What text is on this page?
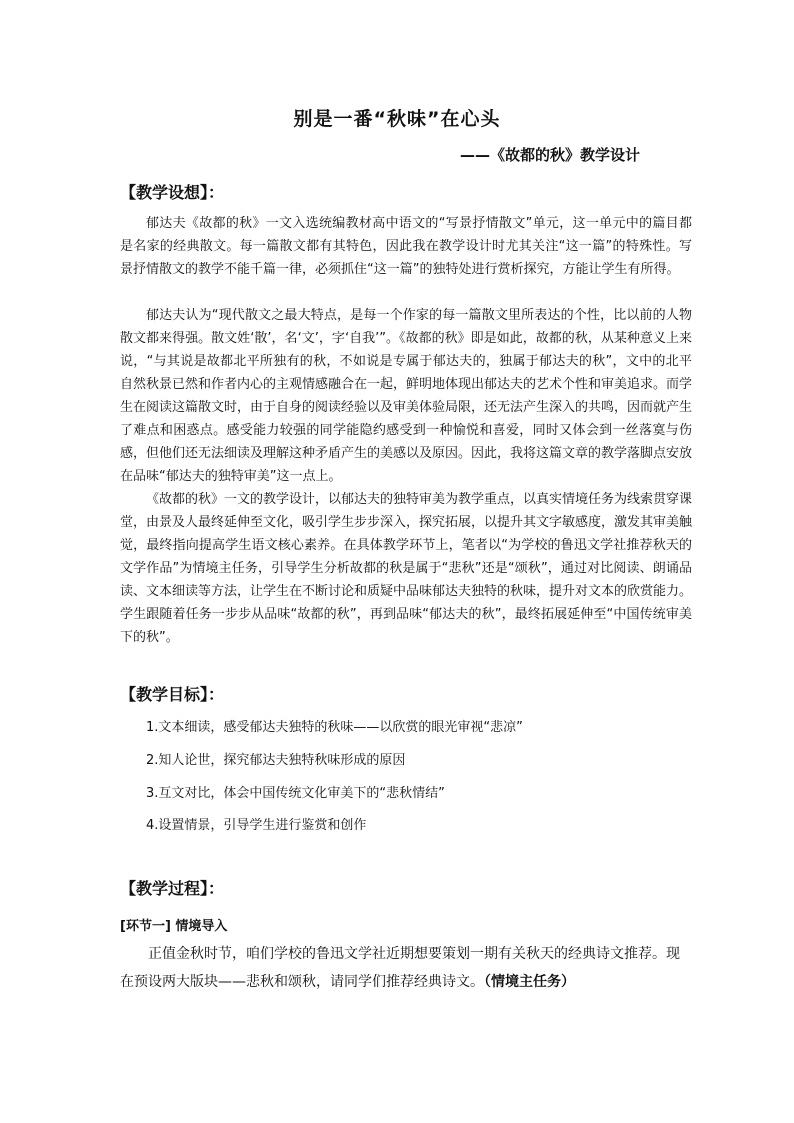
别是一番“秋味”在心头
——《故都的秋》教学设计
【教学设想】：

郁达夫《故都的秋》一文入选统编教材高中语文的“写景抒情散文”单元，这一单元中的篇目都是名家的经典散文。每一篇散文都有其特色，因此我在教学设计时尤其关注“这一篇”的特殊性。写景抒情散文的教学不能千篇一律，必须抓住“这一篇”的独特处进行赏析探究，方能让学生有所得。

郁达夫认为“现代散文之最大特点，是每一个作家的每一篇散文里所表达的个性，比以前的人物散文都来得强。散文姓‘散’，名‘文’，字‘自我’”。《故都的秋》即是如此，故都的秋，从某种意义上来说，“与其说是故都北平所独有的秋，不如说是专属于郁达夫的，独属于郁达夫的秋”，文中的北平自然秋景已然和作者内心的主观情感融合在一起，鲜明地体现出郁达夫的艺术个性和审美追求。而学生在阅读这篇散文时，由于自身的阅读经验以及审美体验局限，还无法产生深入的共鸣，因而就产生了难点和困惑点。感受能力较强的同学能隐约感受到一种愉悦和喜爱，同时又体会到一丝落寞与伤感，但他们还无法细读及理解这种矛盾产生的美感以及原因。因此，我将这篇文章的教学落脚点安放在品味“郁达夫的独特审美”这一点上。

《故都的秋》一文的教学设计，以郁达夫的独特审美为教学重点，以真实情境任务为线索贯穿课堂，由景及人最终延伸至文化，吸引学生步步深入，探究拓展，以提升其文字敏感度，激发其审美触觉，最终指向提高学生语文核心素养。在具体教学环节上，笔者以“为学校的鲁迅文学社推荐秋天的文学作品”为情境主任务，引导学生分析故都的秋是属于“悲秋”还是“颂秋”，通过对比阅读、朗诵品读、文本细读等方法，让学生在不断讨论和质疑中品味郁达夫独特的秋味，提升对文本的欣赏能力。学生跟随着任务一步步从品味“故都的秋”，再到品味“郁达夫的秋”，最终拓展延伸至“中国传统审美下的秋”。

【教学目标】：
1.文本细读，感受郁达夫独特的秋味——以欣赏的眼光审视“悲凉”
2.知人论世，探究郁达夫独特秋味形成的原因
3.互文对比，体会中国传统文化审美下的“悲秋情结”
4.设置情景，引导学生进行鉴赏和创作
【教学过程】：
[环节一] 情境导入

正值金秋时节，咱们学校的鲁迅文学社近期想要策划一期有关秋天的经典诗文推荐。现在预设两大版块——悲秋和颂秋，请同学们推荐经典诗文。（情境主任务）
